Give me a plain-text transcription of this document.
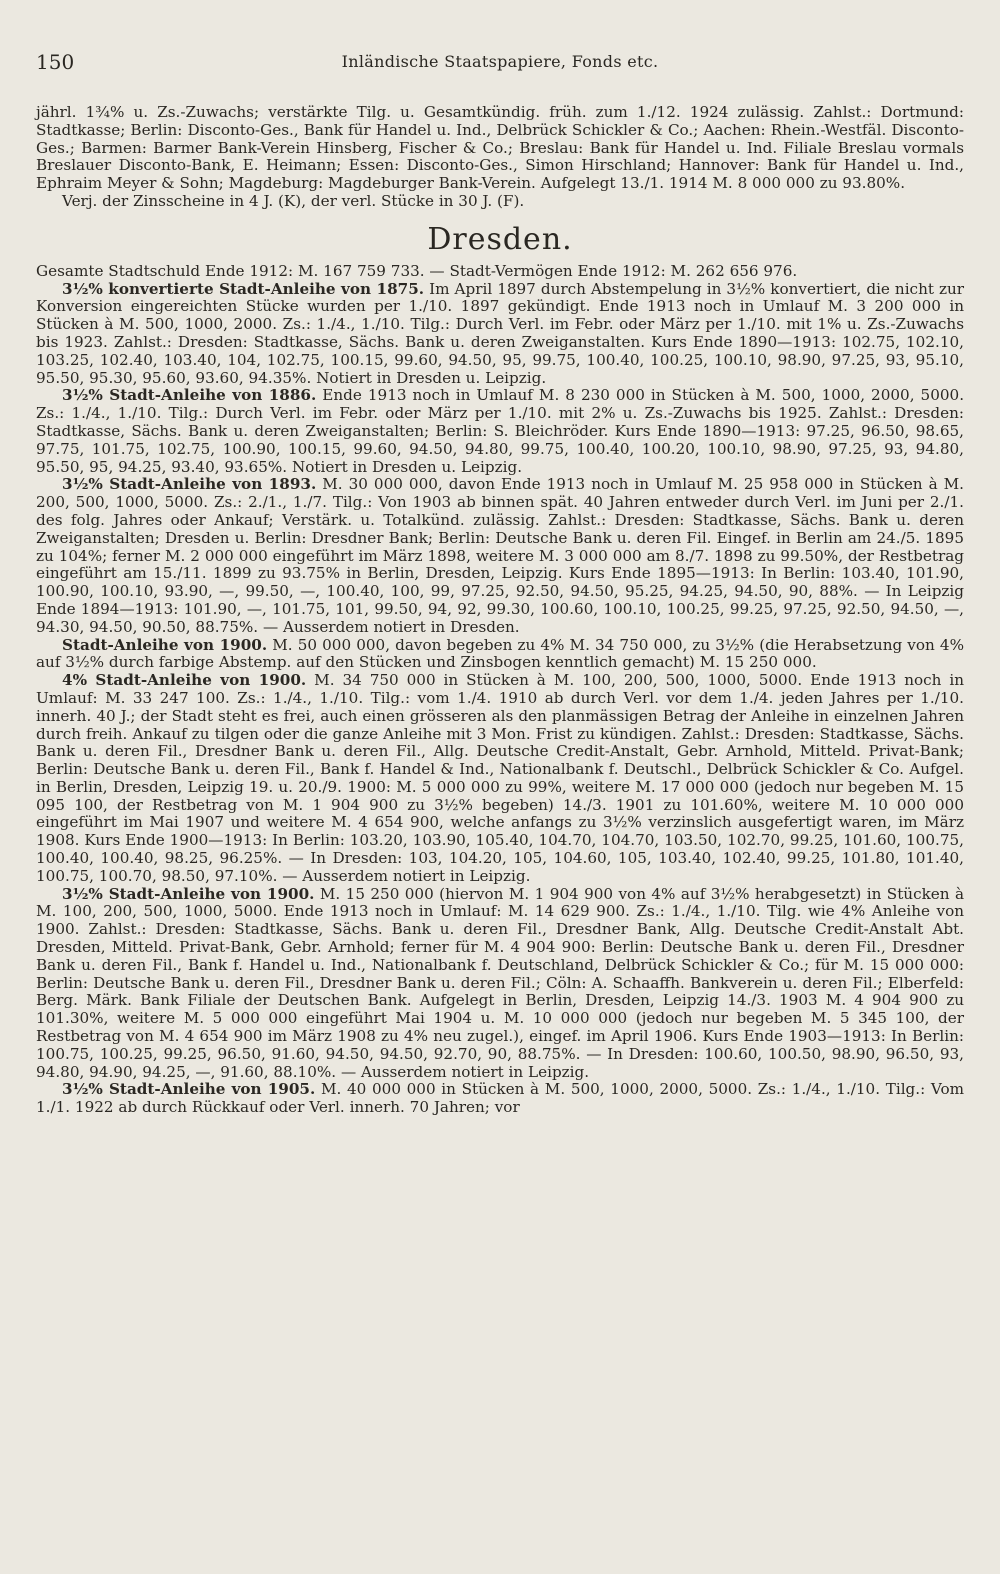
150	Inländische Staatspapiere, Fonds etc.

jährl. 1¾% u. Zs.-Zuwachs; verstärkte Tilg. u. Gesamtkündig. früh. zum 1./12. 1924 zulässig. Zahlst.: Dortmund: Stadtkasse; Berlin: Disconto-Ges., Bank für Handel u. Ind., Delbrück Schickler & Co.; Aachen: Rhein.-Westfäl. Disconto-Ges.; Barmen: Barmer Bank-Verein Hinsberg, Fischer & Co.; Breslau: Bank für Handel u. Ind. Filiale Breslau vormals Breslauer Disconto-Bank, E. Heimann; Essen: Disconto-Ges., Simon Hirschland; Hannover: Bank für Handel u. Ind., Ephraim Meyer & Sohn; Magdeburg: Magdeburger Bank-Verein. Aufgelegt 13./1. 1914 M. 8 000 000 zu 93.80%.

Verj. der Zinsscheine in 4 J. (K), der verl. Stücke in 30 J. (F).

Dresden.

Gesamte Stadtschuld Ende 1912: M. 167 759 733. — Stadt-Vermögen Ende 1912: M. 262 656 976.

3½% konvertierte Stadt-Anleihe von 1875. Im April 1897 durch Abstempelung in 3½% konvertiert, die nicht zur Konversion eingereichten Stücke wurden per 1./10. 1897 gekündigt. Ende 1913 noch in Umlauf M. 3 200 000 in Stücken à M. 500, 1000, 2000. Zs.: 1./4., 1./10. Tilg.: Durch Verl. im Febr. oder März per 1./10. mit 1% u. Zs.-Zuwachs bis 1923. Zahlst.: Dresden: Stadtkasse, Sächs. Bank u. deren Zweiganstalten. Kurs Ende 1890—1913: 102.75, 102.10, 103.25, 102.40, 103.40, 104, 102.75, 100.15, 99.60, 94.50, 95, 99.75, 100.40, 100.25, 100.10, 98.90, 97.25, 93, 95.10, 95.50, 95.30, 95.60, 93.60, 94.35%. Notiert in Dresden u. Leipzig.

3½% Stadt-Anleihe von 1886. Ende 1913 noch in Umlauf M. 8 230 000 in Stücken à M. 500, 1000, 2000, 5000. Zs.: 1./4., 1./10. Tilg.: Durch Verl. im Febr. oder März per 1./10. mit 2% u. Zs.-Zuwachs bis 1925. Zahlst.: Dresden: Stadtkasse, Sächs. Bank u. deren Zweiganstalten; Berlin: S. Bleichröder. Kurs Ende 1890—1913: 97.25, 96.50, 98.65, 97.75, 101.75, 102.75, 100.90, 100.15, 99.60, 94.50, 94.80, 99.75, 100.40, 100.20, 100.10, 98.90, 97.25, 93, 94.80, 95.50, 95, 94.25, 93.40, 93.65%. Notiert in Dresden u. Leipzig.

3½% Stadt-Anleihe von 1893. M. 30 000 000, davon Ende 1913 noch in Umlauf M. 25 958 000 in Stücken à M. 200, 500, 1000, 5000. Zs.: 2./1., 1./7. Tilg.: Von 1903 ab binnen spät. 40 Jahren entweder durch Verl. im Juni per 2./1. des folg. Jahres oder Ankauf; Verstärk. u. Totalkünd. zulässig. Zahlst.: Dresden: Stadtkasse, Sächs. Bank u. deren Zweiganstalten; Dresden u. Berlin: Dresdner Bank; Berlin: Deutsche Bank u. deren Fil. Eingef. in Berlin am 24./5. 1895 zu 104%; ferner M. 2 000 000 eingeführt im März 1898, weitere M. 3 000 000 am 8./7. 1898 zu 99.50%, der Restbetrag eingeführt am 15./11. 1899 zu 93.75% in Berlin, Dresden, Leipzig. Kurs Ende 1895—1913: In Berlin: 103.40, 101.90, 100.90, 100.10, 93.90, —, 99.50, —, 100.40, 100, 99, 97.25, 92.50, 94.50, 95.25, 94.25, 94.50, 90, 88%. — In Leipzig Ende 1894—1913: 101.90, —, 101.75, 101, 99.50, 94, 92, 99.30, 100.60, 100.10, 100.25, 99.25, 97.25, 92.50, 94.50, —, 94.30, 94.50, 90.50, 88.75%. — Ausserdem notiert in Dresden.

Stadt-Anleihe von 1900. M. 50 000 000, davon begeben zu 4% M. 34 750 000, zu 3½% (die Herabsetzung von 4% auf 3½% durch farbige Abstemp. auf den Stücken und Zinsbogen kenntlich gemacht) M. 15 250 000.

4% Stadt-Anleihe von 1900. M. 34 750 000 in Stücken à M. 100, 200, 500, 1000, 5000. Ende 1913 noch in Umlauf: M. 33 247 100. Zs.: 1./4., 1./10. Tilg.: vom 1./4. 1910 ab durch Verl. vor dem 1./4. jeden Jahres per 1./10. innerh. 40 J.; der Stadt steht es frei, auch einen grösseren als den planmässigen Betrag der Anleihe in einzelnen Jahren durch freih. Ankauf zu tilgen oder die ganze Anleihe mit 3 Mon. Frist zu kündigen. Zahlst.: Dresden: Stadtkasse, Sächs. Bank u. deren Fil., Dresdner Bank u. deren Fil., Allg. Deutsche Credit-Anstalt, Gebr. Arnhold, Mitteld. Privat-Bank; Berlin: Deutsche Bank u. deren Fil., Bank f. Handel & Ind., Nationalbank f. Deutschl., Delbrück Schickler & Co. Aufgel. in Berlin, Dresden, Leipzig 19. u. 20./9. 1900: M. 5 000 000 zu 99%, weitere M. 17 000 000 (jedoch nur begeben M. 15 095 100, der Restbetrag von M. 1 904 900 zu 3½% begeben) 14./3. 1901 zu 101.60%, weitere M. 10 000 000 eingeführt im Mai 1907 und weitere M. 4 654 900, welche anfangs zu 3½% verzinslich ausgefertigt waren, im März 1908. Kurs Ende 1900—1913: In Berlin: 103.20, 103.90, 105.40, 104.70, 104.70, 103.50, 102.70, 99.25, 101.60, 100.75, 100.40, 100.40, 98.25, 96.25%. — In Dresden: 103, 104.20, 105, 104.60, 105, 103.40, 102.40, 99.25, 101.80, 101.40, 100.75, 100.70, 98.50, 97.10%. — Ausserdem notiert in Leipzig.

3½% Stadt-Anleihe von 1900. M. 15 250 000 (hiervon M. 1 904 900 von 4% auf 3½% herabgesetzt) in Stücken à M. 100, 200, 500, 1000, 5000. Ende 1913 noch in Umlauf: M. 14 629 900. Zs.: 1./4., 1./10. Tilg. wie 4% Anleihe von 1900. Zahlst.: Dresden: Stadtkasse, Sächs. Bank u. deren Fil., Dresdner Bank, Allg. Deutsche Credit-Anstalt Abt. Dresden, Mitteld. Privat-Bank, Gebr. Arnhold; ferner für M. 4 904 900: Berlin: Deutsche Bank u. deren Fil., Dresdner Bank u. deren Fil., Bank f. Handel u. Ind., Nationalbank f. Deutschland, Delbrück Schickler & Co.; für M. 15 000 000: Berlin: Deutsche Bank u. deren Fil., Dresdner Bank u. deren Fil.; Cöln: A. Schaaffh. Bankverein u. deren Fil.; Elberfeld: Berg. Märk. Bank Filiale der Deutschen Bank. Aufgelegt in Berlin, Dresden, Leipzig 14./3. 1903 M. 4 904 900 zu 101.30%, weitere M. 5 000 000 eingeführt Mai 1904 u. M. 10 000 000 (jedoch nur begeben M. 5 345 100, der Restbetrag von M. 4 654 900 im März 1908 zu 4% neu zugel.), eingef. im April 1906. Kurs Ende 1903—1913: In Berlin: 100.75, 100.25, 99.25, 96.50, 91.60, 94.50, 94.50, 92.70, 90, 88.75%. — In Dresden: 100.60, 100.50, 98.90, 96.50, 93, 94.80, 94.90, 94.25, —, 91.60, 88.10%. — Ausserdem notiert in Leipzig.

3½% Stadt-Anleihe von 1905. M. 40 000 000 in Stücken à M. 500, 1000, 2000, 5000. Zs.: 1./4., 1./10. Tilg.: Vom 1./1. 1922 ab durch Rückkauf oder Verl. innerh. 70 Jahren; vor
